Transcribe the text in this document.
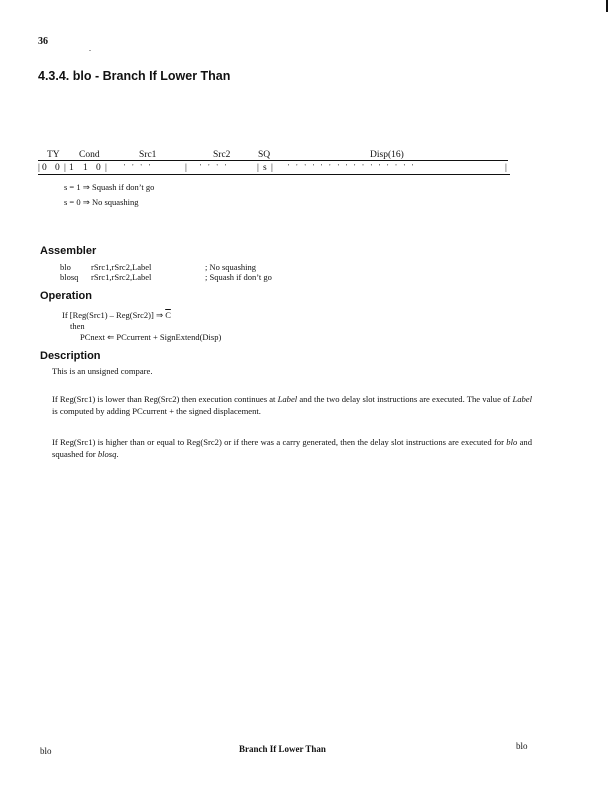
36
.
4.3.4. blo - Branch If Lower Than
TY Cond	Src1	Src2	SQ	Disp(16)
| 0 0 | 1 1 0 | '    '    '    '	| '    '    '    '	| s | '    '    '    '    '    '    '    '    '    '    '    '    '    '    '    '	|
s = 1 ⇒ Squash if don’t go
s = 0 ⇒ No squashing
Assembler
blo rSrc1,rSrc2,Label	; No squashing
blosq rSrc1,rSrc2,Label	; Squash if don’t go
Operation
If [Reg(Src1) – Reg(Src2)] ⇒ $\overline{C}$
then
PCnext ⇐ PCcurrent + SignExtend(Disp)
Description
This is an unsigned compare.
If Reg(Src1) is lower than Reg(Src2) then execution continues at Label and the two delay slot instructions are executed. The value of Label is computed by adding PCcurrent + the signed displacement.
If Reg(Src1) is higher than or equal to Reg(Src2) or if there was a carry generated, then the delay slot instructions are executed for blo and squashed for blosq.
blo	Branch If Lower Than	blo
